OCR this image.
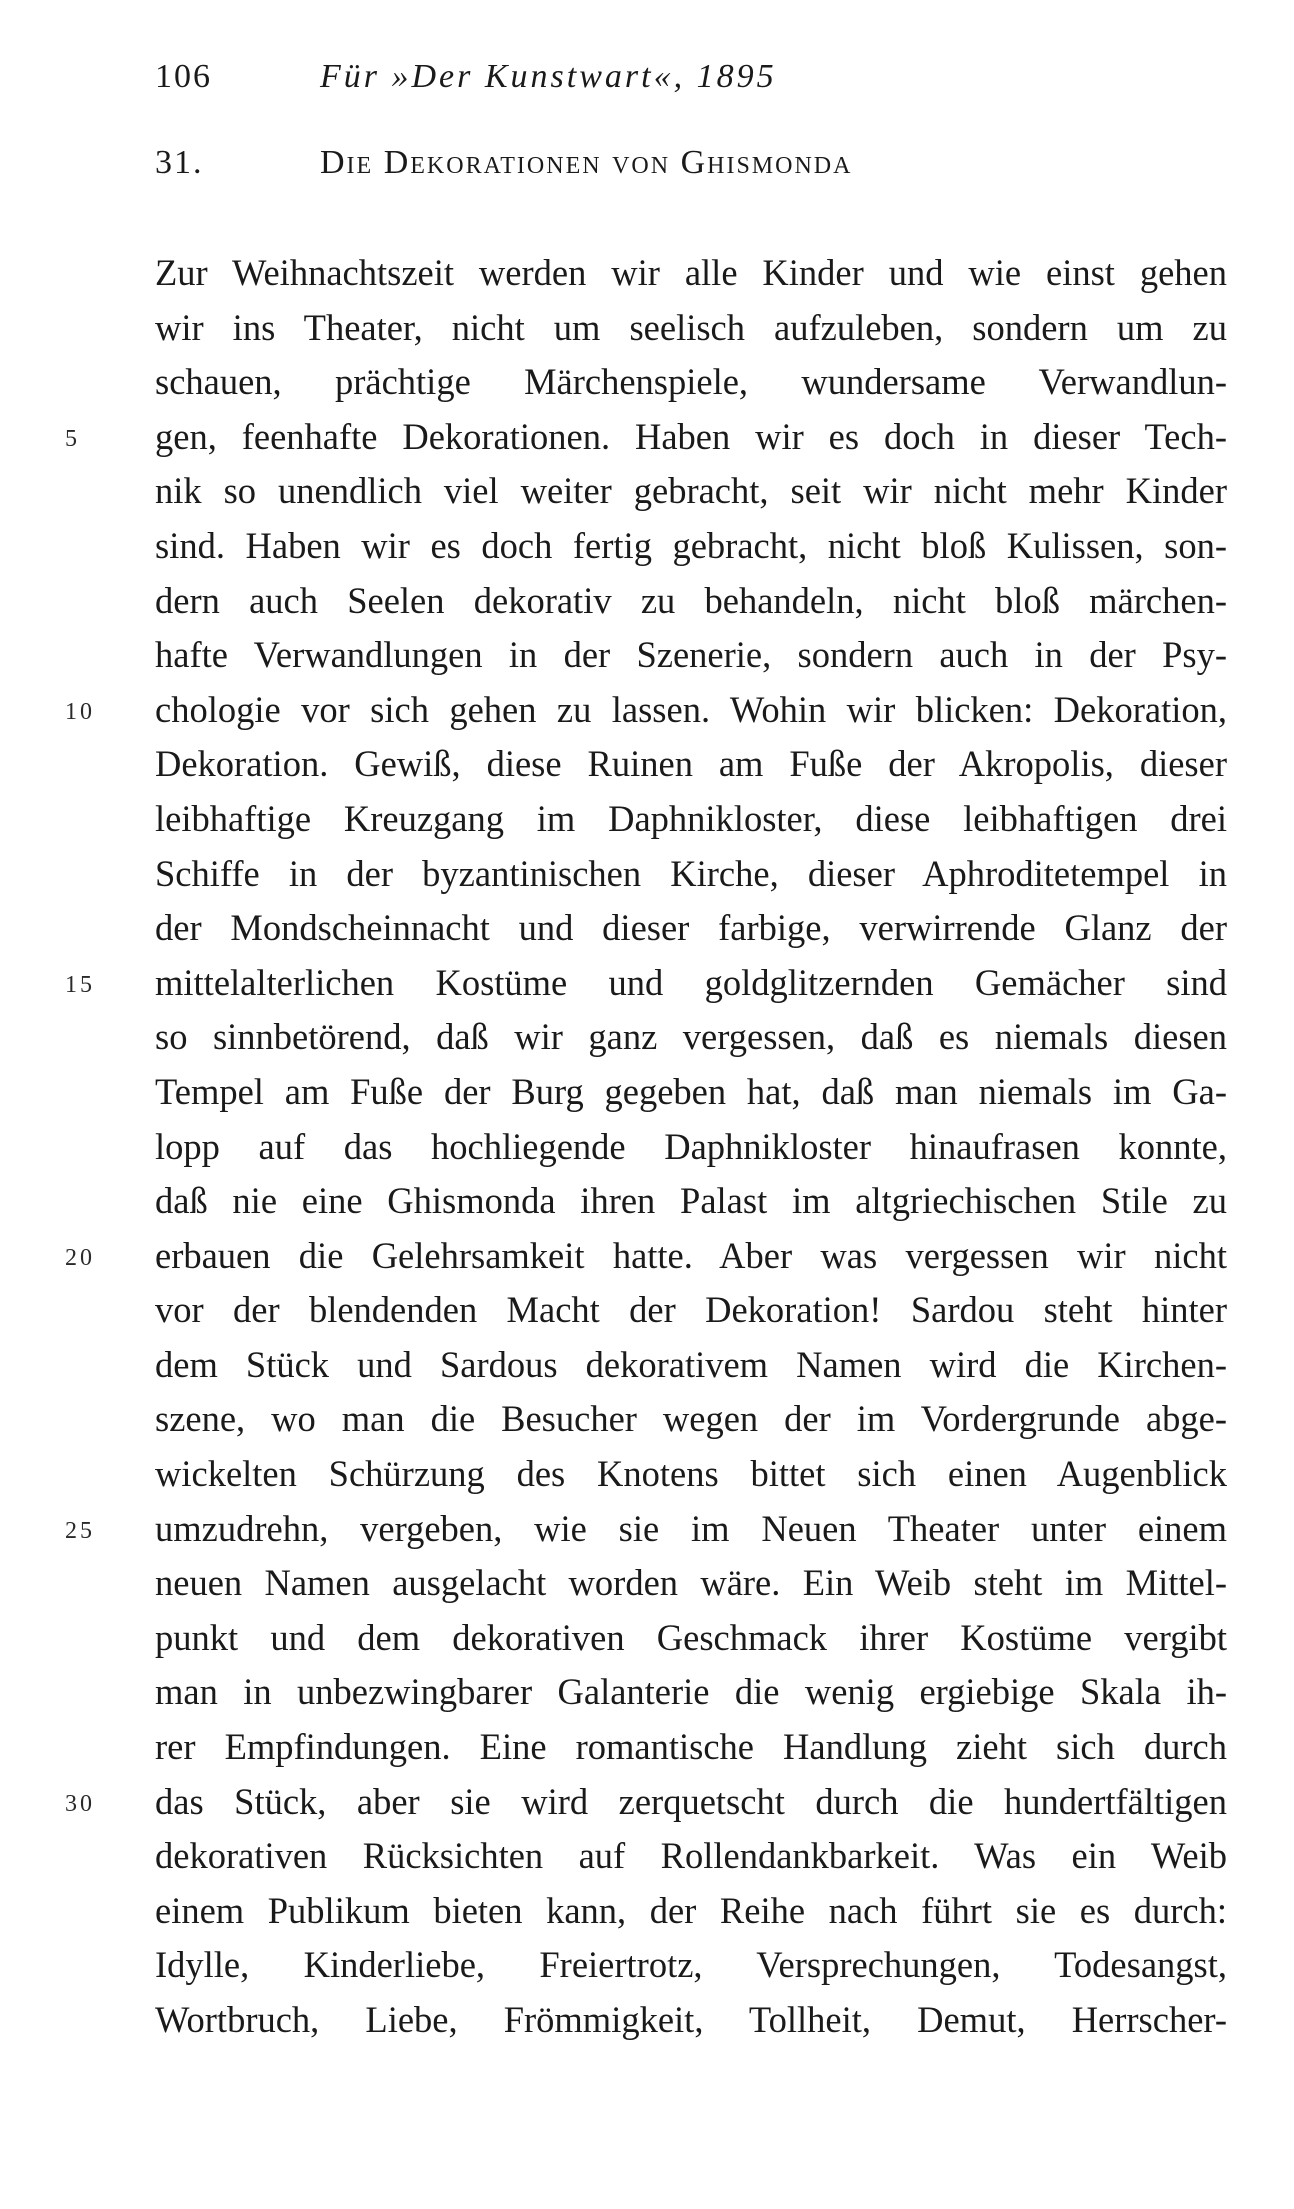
106	Für »Der Kunstwart«, 1895
31.	Die Dekorationen von Ghismonda
Zur Weihnachtszeit werden wir alle Kinder und wie einst gehen
wir ins Theater, nicht um seelisch aufzuleben, sondern um zu
schauen, prächtige Märchenspiele, wundersame Verwandlun-
5	gen, feenhafte Dekorationen. Haben wir es doch in dieser Tech-
nik so unendlich viel weiter gebracht, seit wir nicht mehr Kinder
sind. Haben wir es doch fertig gebracht, nicht bloß Kulissen, son-
dern auch Seelen dekorativ zu behandeln, nicht bloß märchen-
hafte Verwandlungen in der Szenerie, sondern auch in der Psy-
10	chologie vor sich gehen zu lassen. Wohin wir blicken: Dekoration,
Dekoration. Gewiß, diese Ruinen am Fuße der Akropolis, dieser
leibhaftige Kreuzgang im Daphnikloster, diese leibhaftigen drei
Schiffe in der byzantinischen Kirche, dieser Aphroditetempel in
der Mondscheinnacht und dieser farbige, verwirrende Glanz der
15	mittelalterlichen Kostüme und goldglitzernden Gemächer sind
so sinnbetörend, daß wir ganz vergessen, daß es niemals diesen
Tempel am Fuße der Burg gegeben hat, daß man niemals im Ga-
lopp auf das hochliegende Daphnikloster hinaufrasen konnte,
daß nie eine Ghismonda ihren Palast im altgriechischen Stile zu
20	erbauen die Gelehrsamkeit hatte. Aber was vergessen wir nicht
vor der blendenden Macht der Dekoration! Sardou steht hinter
dem Stück und Sardous dekorativem Namen wird die Kirchen-
szene, wo man die Besucher wegen der im Vordergrunde abge-
wickelten Schürzung des Knotens bittet sich einen Augenblick
25	umzudrehn, vergeben, wie sie im Neuen Theater unter einem
neuen Namen ausgelacht worden wäre. Ein Weib steht im Mittel-
punkt und dem dekorativen Geschmack ihrer Kostüme vergibt
man in unbezwingbarer Galanterie die wenig ergiebige Skala ih-
rer Empfindungen. Eine romantische Handlung zieht sich durch
30	das Stück, aber sie wird zerquetscht durch die hundertfältigen
dekorativen Rücksichten auf Rollendankbarkeit. Was ein Weib
einem Publikum bieten kann, der Reihe nach führt sie es durch:
Idylle, Kinderliebe, Freiertrotz, Versprechungen, Todesangst,
Wortbruch, Liebe, Frömmigkeit, Tollheit, Demut, Herrscher-
